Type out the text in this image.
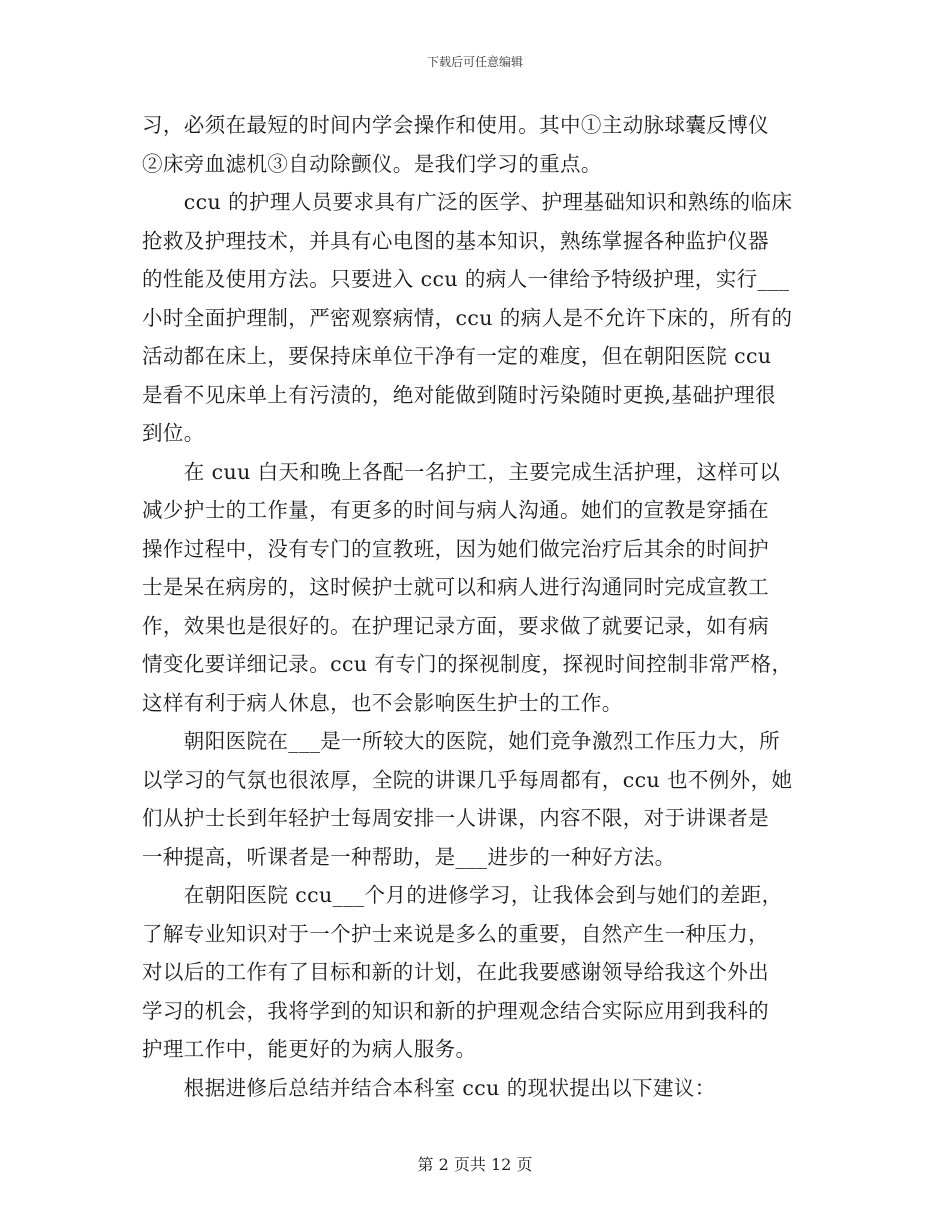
下载后可任意编辑
习，必须在最短的时间内学会操作和使用。其中①主动脉球囊反博仪
②床旁血滤机③自动除颤仪。是我们学习的重点。
　　ccu 的护理人员要求具有广泛的医学、护理基础知识和熟练的临床
抢救及护理技术，并具有心电图的基本知识，熟练掌握各种监护仪器
的性能及使用方法。只要进入 ccu 的病人一律给予特级护理，实行___
小时全面护理制，严密观察病情，ccu 的病人是不允许下床的，所有的
活动都在床上，要保持床单位干净有一定的难度，但在朝阳医院 ccu
是看不见床单上有污渍的，绝对能做到随时污染随时更换,基础护理很
到位。
　　在 cuu 白天和晚上各配一名护工，主要完成生活护理，这样可以
减少护士的工作量，有更多的时间与病人沟通。她们的宣教是穿插在
操作过程中，没有专门的宣教班，因为她们做完治疗后其余的时间护
士是呆在病房的，这时候护士就可以和病人进行沟通同时完成宣教工
作，效果也是很好的。在护理记录方面，要求做了就要记录，如有病
情变化要详细记录。ccu 有专门的探视制度，探视时间控制非常严格，
这样有利于病人休息，也不会影响医生护士的工作。
　　朝阳医院在___是一所较大的医院，她们竞争激烈工作压力大，所
以学习的气氛也很浓厚，全院的讲课几乎每周都有，ccu 也不例外，她
们从护士长到年轻护士每周安排一人讲课，内容不限，对于讲课者是
一种提高，听课者是一种帮助，是___进步的一种好方法。
　　在朝阳医院 ccu___个月的进修学习，让我体会到与她们的差距，
了解专业知识对于一个护士来说是多么的重要，自然产生一种压力，
对以后的工作有了目标和新的计划，在此我要感谢领导给我这个外出
学习的机会，我将学到的知识和新的护理观念结合实际应用到我科的
护理工作中，能更好的为病人服务。
　　根据进修后总结并结合本科室 ccu 的现状提出以下建议：
第 2 页共 12 页
